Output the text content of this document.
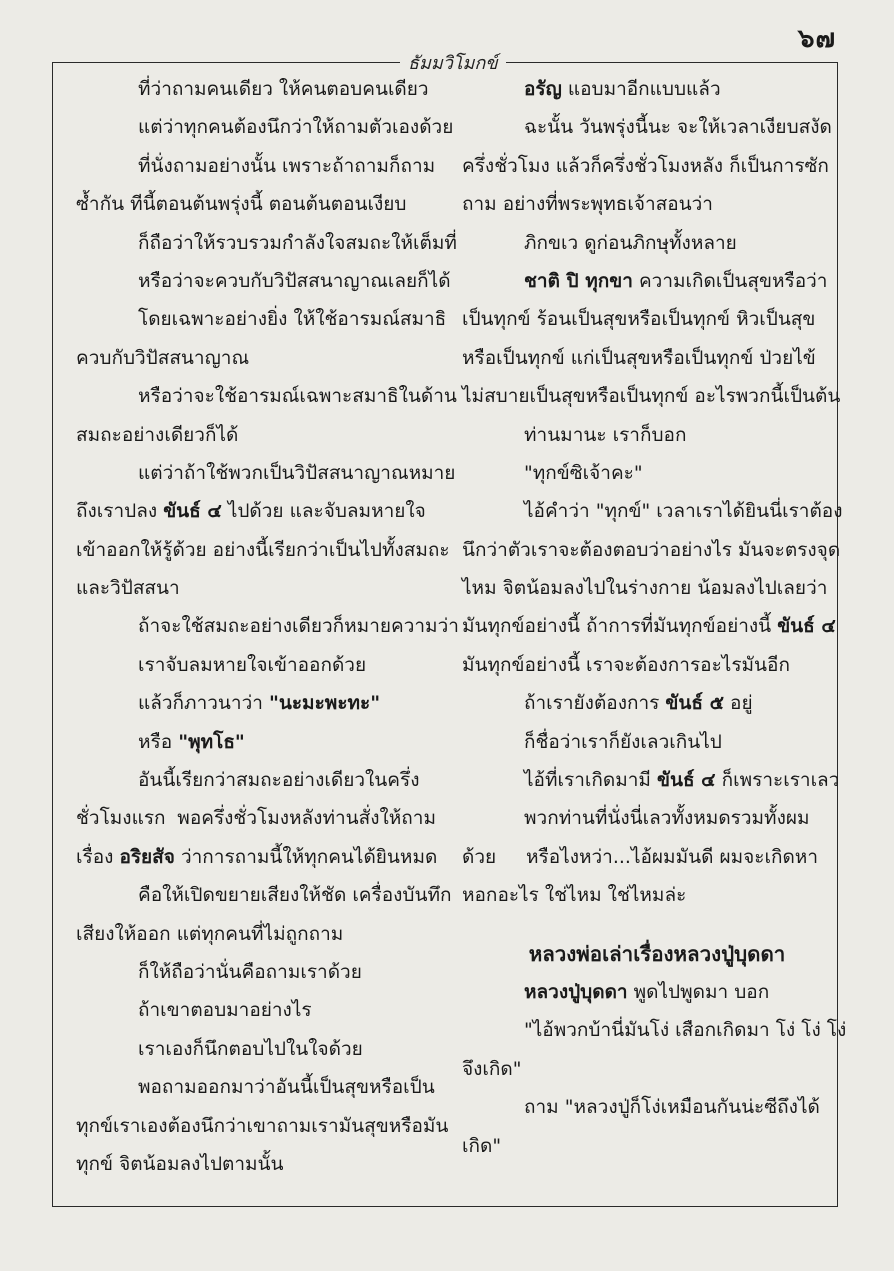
๖๗
ธัมมวิโมกข์
ที่ว่าถามคนเดียว ให้คนตอบคนเดียว
แต่ว่าทุกคนต้องนึกว่าให้ถามตัวเองด้วย
ที่นั่งถามอย่างนั้น เพราะถ้าถามก็ถาม
ซ้ำกัน ทีนี้ตอนต้นพรุ่งนี้ ตอนต้นตอนเงียบ
ก็ถือว่าให้รวบรวมกำลังใจสมถะให้เต็มที่
หรือว่าจะควบกับวิปัสสนาญาณเลยก็ได้
โดยเฉพาะอย่างยิ่ง ให้ใช้อารมณ์สมาธิ
ควบกับวิปัสสนาญาณ
หรือว่าจะใช้อารมณ์เฉพาะสมาธิในด้าน
สมถะอย่างเดียวก็ได้
แต่ว่าถ้าใช้พวกเป็นวิปัสสนาญาณหมาย
ถึงเราปลง ขันธ์ ๔ ไปด้วย และจับลมหายใจ
เข้าออกให้รู้ด้วย อย่างนี้เรียกว่าเป็นไปทั้งสมถะ
และวิปัสสนา
ถ้าจะใช้สมถะอย่างเดียวก็หมายความว่า
เราจับลมหายใจเข้าออกด้วย
แล้วก็ภาวนาว่า "นะมะพะทะ"
หรือ "พุทโธ"
อันนี้เรียกว่าสมถะอย่างเดียวในครึ่ง
ชั่วโมงแรก พอครึ่งชั่วโมงหลังท่านสั่งให้ถาม
เรื่อง อริยสัจ ว่าการถามนี้ให้ทุกคนได้ยินหมด
คือให้เปิดขยายเสียงให้ชัด เครื่องบันทึก
เสียงให้ออก แต่ทุกคนที่ไม่ถูกถาม
ก็ให้ถือว่านั่นคือถามเราด้วย
ถ้าเขาตอบมาอย่างไร
เราเองก็นึกตอบไปในใจด้วย
พอถามออกมาว่าอันนี้เป็นสุขหรือเป็น
ทุกข์ เราเองต้องนึกว่าเขาถามเรามันสุขหรือมัน
ทุกข์ จิตน้อมลงไปตามนั้น
อรัญ แอบมาอีกแบบแล้ว
ฉะนั้น วันพรุ่งนี้นะ จะให้เวลาเงียบสงัด
ครึ่งชั่วโมง แล้วก็ครึ่งชั่วโมงหลัง ก็เป็นการซัก
ถาม อย่างที่พระพุทธเจ้าสอนว่า
ภิกขเว ดูก่อนภิกษุทั้งหลาย
ชาติ ปิ ทุกขา ความเกิดเป็นสุขหรือว่า
เป็นทุกข์ ร้อนเป็นสุขหรือเป็นทุกข์ หิวเป็นสุข
หรือเป็นทุกข์ แก่เป็นสุขหรือเป็นทุกข์ ป่วยไข้
ไม่สบายเป็นสุขหรือเป็นทุกข์ อะไรพวกนี้เป็นต้น
ท่านมานะ เราก็บอก
"ทุกข์ซิเจ้าคะ"
ไอ้คำว่า "ทุกข์" เวลาเราได้ยินนี่เราต้อง
นึกว่าตัวเราจะต้องตอบว่าอย่างไร มันจะตรงจุด
ไหม จิตน้อมลงไปในร่างกาย น้อมลงไปเลยว่า
มันทุกข์อย่างนี้ ถ้าการที่มันทุกข์อย่างนี้ ขันธ์ ๔
มันทุกข์อย่างนี้ เราจะต้องการอะไรมันอีก
ถ้าเรายังต้องการ ขันธ์ ๕ อยู่
ก็ชื่อว่าเราก็ยังเลวเกินไป
ไอ้ที่เราเกิดมามี ขันธ์ ๔ ก็เพราะเราเลว
พวกท่านที่นั่งนี่เลวทั้งหมดรวมทั้งผม
ด้วย หรือไงหว่า...ไอ้ผมมันดี ผมจะเกิดหา
หอกอะไร ใช่ไหม ใช่ไหมล่ะ
หลวงพ่อเล่าเรื่องหลวงปู่บุดดา
หลวงปู่บุดดา พูดไปพูดมา บอก
"ไอ้พวกบ้านี่มันโง่ เสือกเกิดมา โง่ โง่ โง่
จึงเกิด"
ถาม "หลวงปู่ก็โง่เหมือนกันน่ะซีถึงได้
เกิด"
